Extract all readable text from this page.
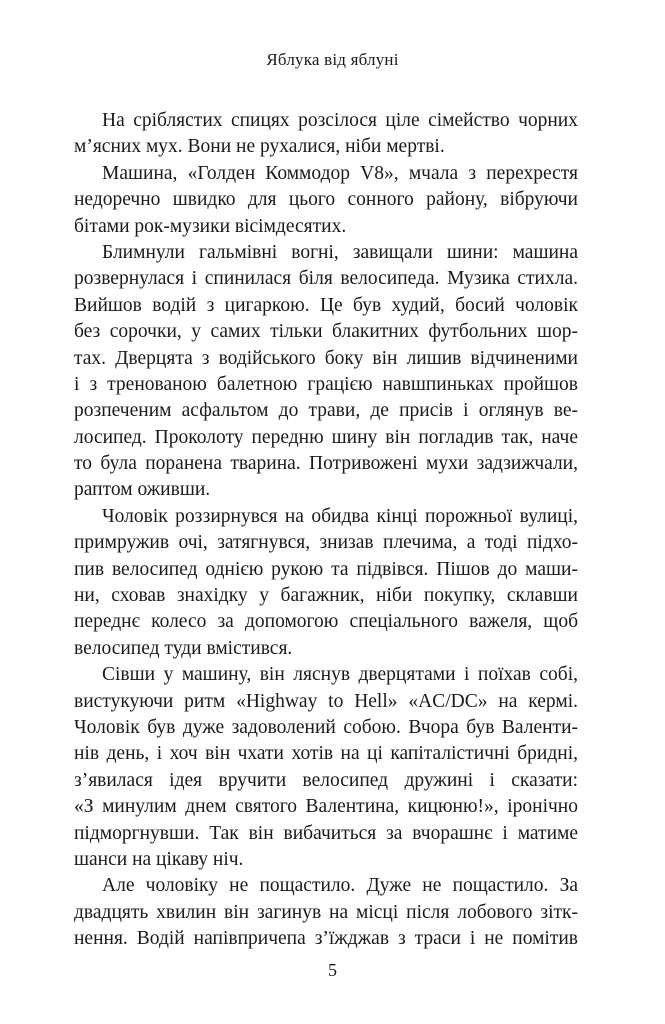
Яблука від яблуні
На сріблястих спицях розсілося ціле сімейство чорних
м’ясних мух. Вони не рухалися, ніби мертві.
Машина, «Голден Коммодор V8», мчала з перехрестя
недоречно швидко для цього сонного району, вібруючи
бітами рок-музики вісімдесятих.
Блимнули гальмівні вогні, завищали шини: машина
розвернулася і спинилася біля велосипеда. Музика стихла.
Вийшов водій з цигаркою. Це був худий, босий чоловік
без сорочки, у самих тільки блакитних футбольних шор-
тах. Дверцята з водійського боку він лишив відчиненими
і з тренованою балетною грацією навшпиньках пройшов
розпеченим асфальтом до трави, де присів і оглянув ве-
лосипед. Проколоту передню шину він погладив так, наче
то була поранена тварина. Потривожені мухи задзижчали,
раптом оживши.
Чоловік роззирнувся на обидва кінці порожньої вулиці,
примружив очі, затягнувся, знизав плечима, а тоді підхо-
пив велосипед однією рукою та підвівся. Пішов до маши-
ни, сховав знахідку у багажник, ніби покупку, склавши
переднє колесо за допомогою спеціального важеля, щоб
велосипед туди вмістився.
Сівши у машину, він ляснув дверцятами і поїхав собі,
вистукуючи ритм «Highway to Hell» «AC/DC» на кермі.
Чоловік був дуже задоволений собою. Вчора був Валенти-
нів день, і хоч він чхати хотів на ці капіталістичні бридні,
з’явилася ідея вручити велосипед дружині і сказати:
«З минулим днем святого Валентина, кицюню!», іронічно
підморгнувши. Так він вибачиться за вчорашнє і матиме
шанси на цікаву ніч.
Але чоловіку не пощастило. Дуже не пощастило. За
двадцять хвилин він загинув на місці після лобового зітк-
нення. Водій напівпричепа з’їжджав з траси і не помітив
5
